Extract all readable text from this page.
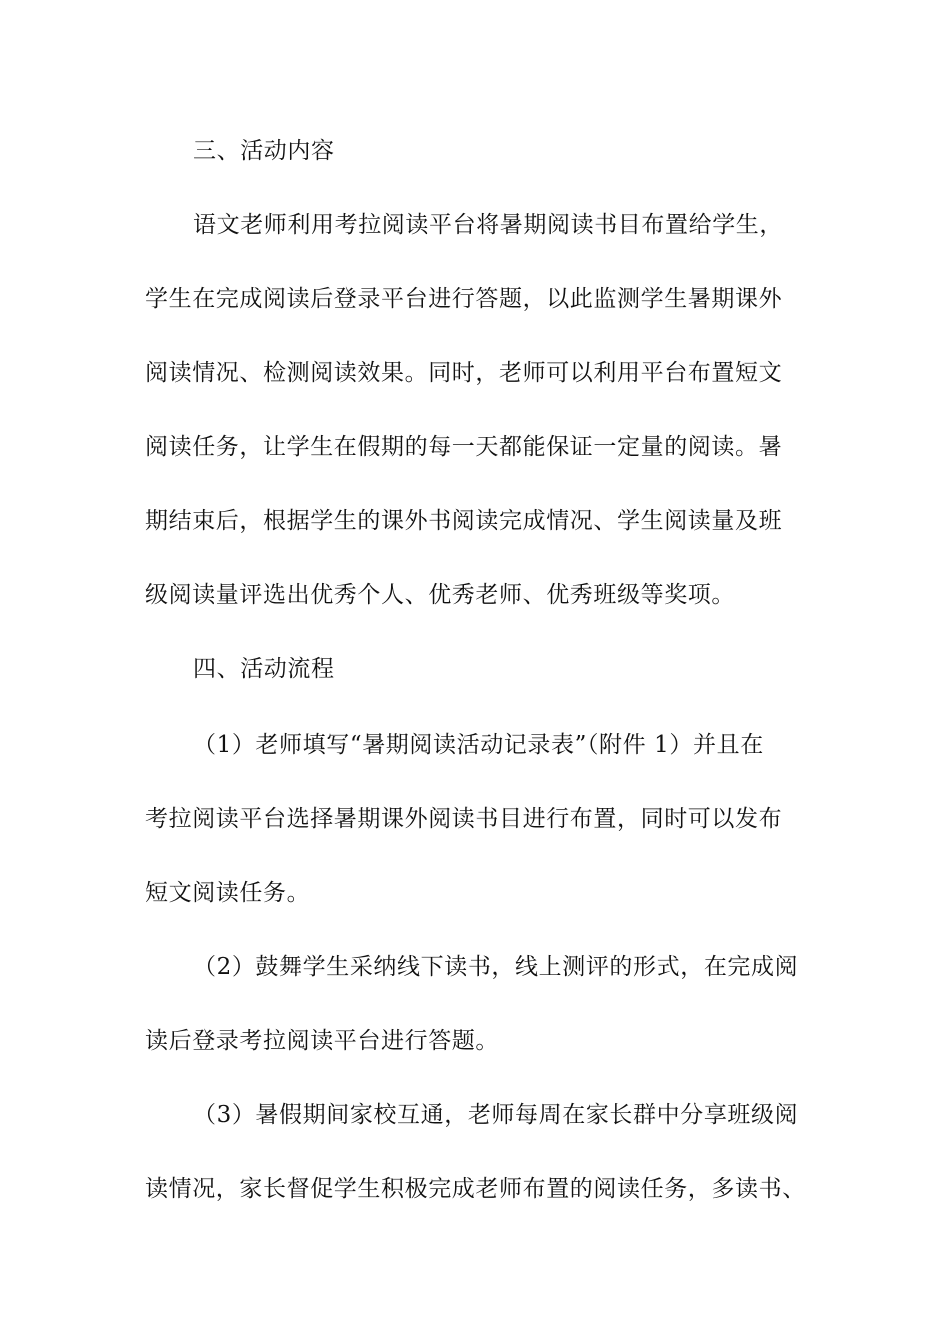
三、活动内容
语文老师利用考拉阅读平台将暑期阅读书目布置给学生，
学生在完成阅读后登录平台进行答题，以此监测学生暑期课外
阅读情况、检测阅读效果。同时，老师可以利用平台布置短文
阅读任务，让学生在假期的每一天都能保证一定量的阅读。暑
期结束后，根据学生的课外书阅读完成情况、学生阅读量及班
级阅读量评选出优秀个人、优秀老师、优秀班级等奖项。
四、活动流程
（1）老师填写“暑期阅读活动记录表”（附件 1）并且在
考拉阅读平台选择暑期课外阅读书目进行布置，同时可以发布
短文阅读任务。
（2）鼓舞学生采纳线下读书，线上测评的形式，在完成阅
读后登录考拉阅读平台进行答题。
（3）暑假期间家校互通，老师每周在家长群中分享班级阅
读情况，家长督促学生积极完成老师布置的阅读任务，多读书、
